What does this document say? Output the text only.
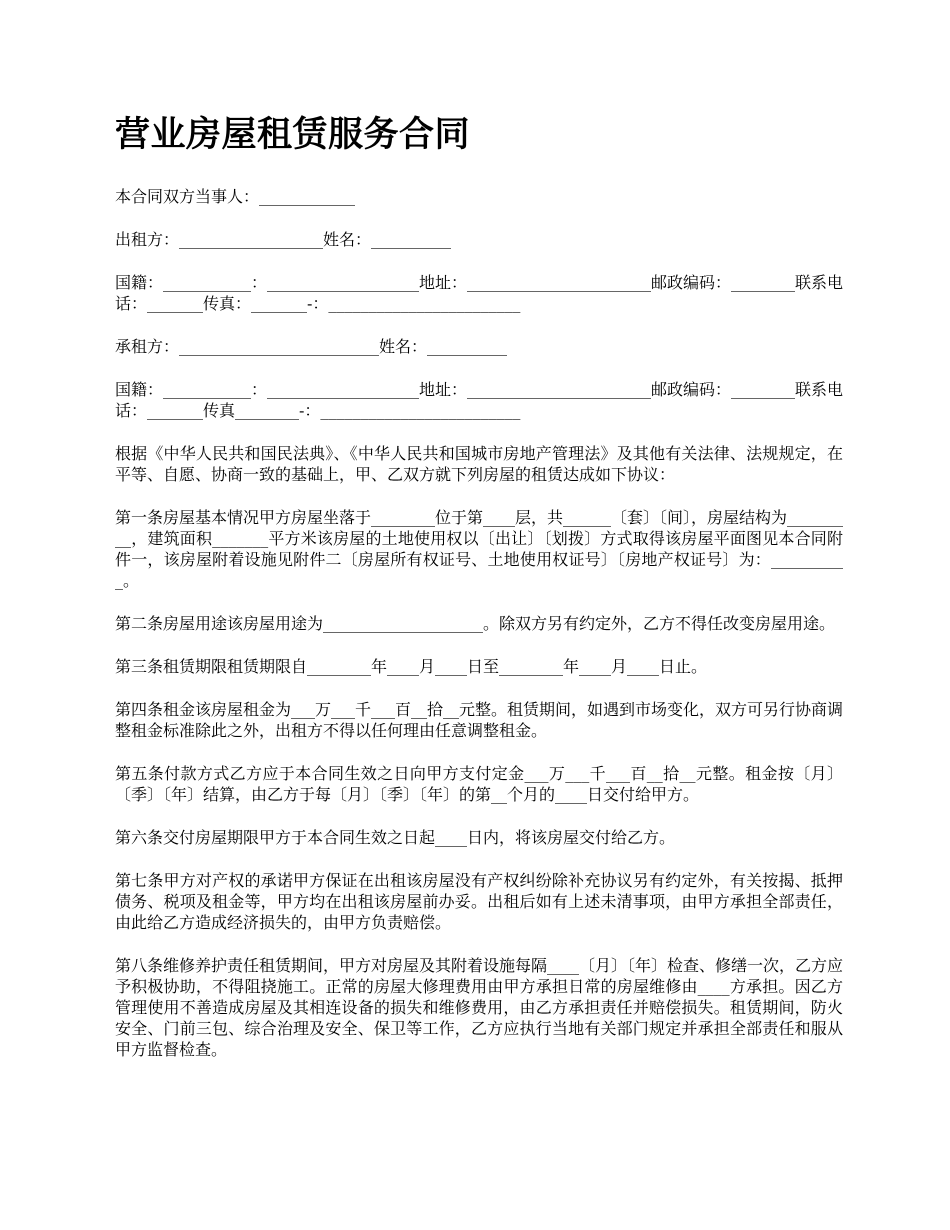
营业房屋租赁服务合同

本合同双方当事人：____________

出租方：__________________姓名：__________

国籍：___________：___________________地址：_______________________邮政编码：________联系电话：_______传真：_______-：________________________

承租方：_________________________姓名：__________

国籍：___________：___________________地址：_______________________邮政编码：________联系电话：_______传真________-：_________________________

根据《中华人民共和国民法典》、《中华人民共和国城市房地产管理法》及其他有关法律、法规规定，在平等、自愿、协商一致的基础上，甲、乙双方就下列房屋的租赁达成如下协议：

第一条房屋基本情况甲方房屋坐落于________位于第____层，共______〔套〕〔间〕，房屋结构为_________，建筑面积_______平方米该房屋的土地使用权以〔出让〕〔划拨〕方式取得该房屋平面图见本合同附件一，该房屋附着设施见附件二〔房屋所有权证号、土地使用权证号〕〔房地产权证号〕为：__________。

第二条房屋用途该房屋用途为____________________。除双方另有约定外，乙方不得任改变房屋用途。

第三条租赁期限租赁期限自________年____月____日至________年____月____日止。

第四条租金该房屋租金为___万___千___百__拾__元整。租赁期间，如遇到市场变化，双方可另行协商调整租金标准除此之外，出租方不得以任何理由任意调整租金。

第五条付款方式乙方应于本合同生效之日向甲方支付定金___万___千___百__拾__元整。租金按〔月〕〔季〕〔年〕结算，由乙方于每〔月〕〔季〕〔年〕的第__个月的____日交付给甲方。

第六条交付房屋期限甲方于本合同生效之日起____日内，将该房屋交付给乙方。

第七条甲方对产权的承诺甲方保证在出租该房屋没有产权纠纷除补充协议另有约定外，有关按揭、抵押债务、税项及租金等，甲方均在出租该房屋前办妥。出租后如有上述未清事项，由甲方承担全部责任，由此给乙方造成经济损失的，由甲方负责赔偿。

第八条维修养护责任租赁期间，甲方对房屋及其附着设施每隔____〔月〕〔年〕检查、修缮一次，乙方应予积极协助，不得阻挠施工。正常的房屋大修理费用由甲方承担日常的房屋维修由____方承担。因乙方管理使用不善造成房屋及其相连设备的损失和维修费用，由乙方承担责任并赔偿损失。租赁期间，防火安全、门前三包、综合治理及安全、保卫等工作，乙方应执行当地有关部门规定并承担全部责任和服从甲方监督检查。
